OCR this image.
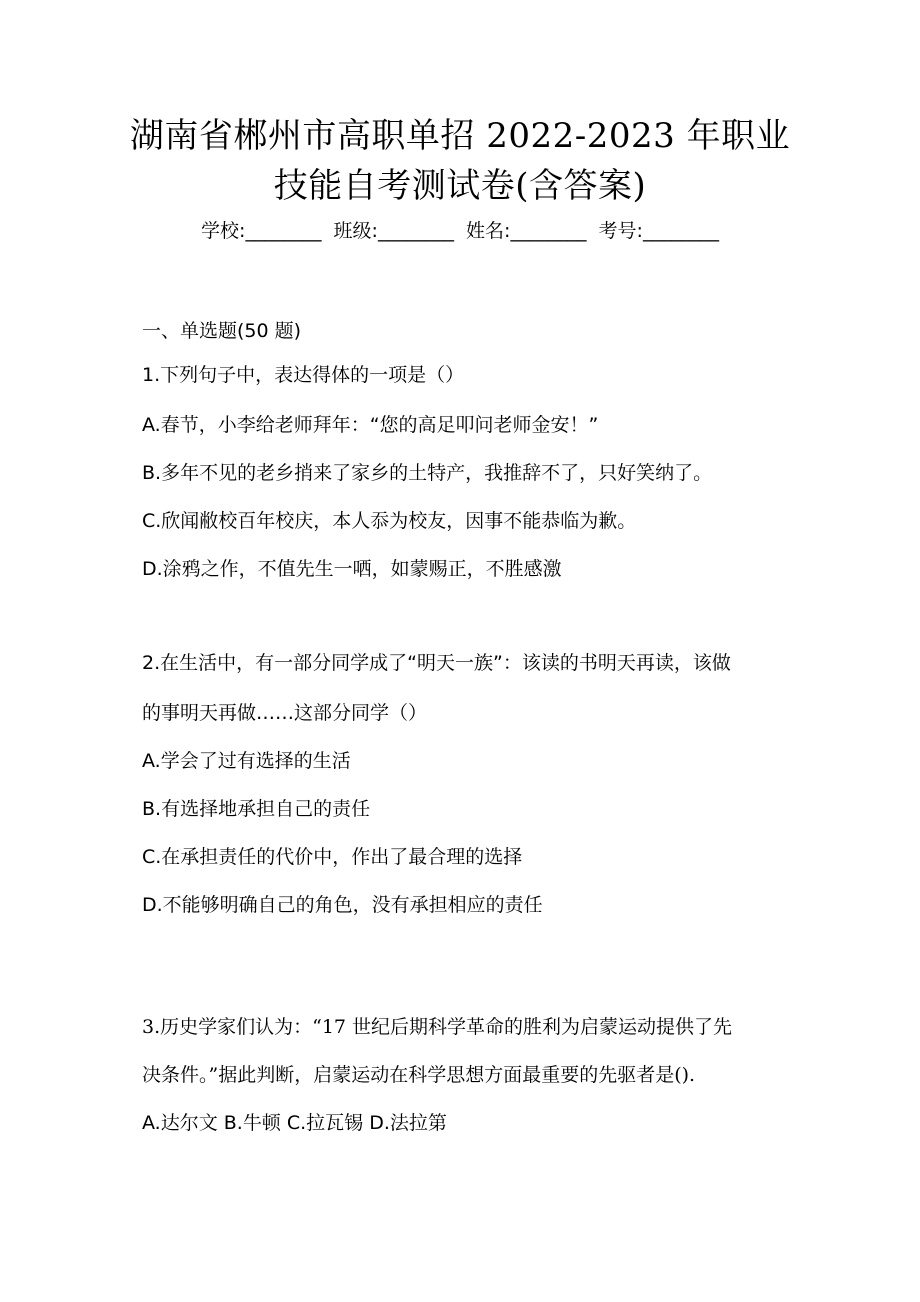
湖南省郴州市高职单招 2022-2023 年职业
技能自考测试卷(含答案)
学校:________ 班级:________ 姓名:________ 考号:________
一、单选题(50 题)
1.下列句子中，表达得体的一项是（）
A.春节，小李给老师拜年：“您的高足叩问老师金安！”
B.多年不见的老乡捎来了家乡的土特产，我推辞不了，只好笑纳了。
C.欣闻敝校百年校庆，本人忝为校友，因事不能恭临为歉。
D.涂鸦之作，不值先生一哂，如蒙赐正，不胜感激
2.在生活中，有一部分同学成了“明天一族”：该读的书明天再读，该做
的事明天再做……这部分同学（）
A.学会了过有选择的生活
B.有选择地承担自己的责任
C.在承担责任的代价中，作出了最合理的选择
D.不能够明确自己的角色，没有承担相应的责任
3.历史学家们认为：“17 世纪后期科学革命的胜利为启蒙运动提供了先
决条件。”据此判断，启蒙运动在科学思想方面最重要的先驱者是().
A.达尔文 B.牛顿 C.拉瓦锡 D.法拉第
